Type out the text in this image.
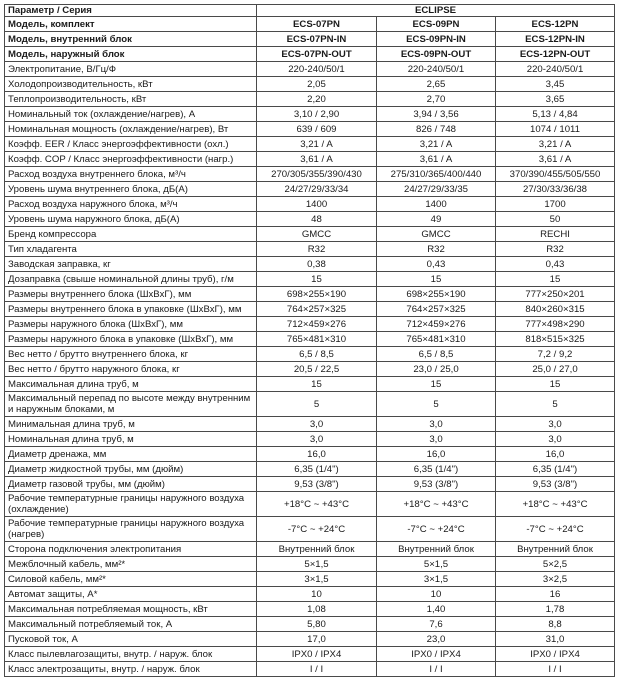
Параметр / Серия	ECLIPSE		
Модель, комплект	ECS-07PN	ECS-09PN	ECS-12PN
Модель, внутренний блок	ECS-07PN-IN	ECS-09PN-IN	ECS-12PN-IN
Модель, наружный блок	ECS-07PN-OUT	ECS-09PN-OUT	ECS-12PN-OUT
Электропитание, В/Гц/Ф	220-240/50/1	220-240/50/1	220-240/50/1
Холодопроизводительность, кВт	2,05	2,65	3,45
Теплопроизводительность, кВт	2,20	2,70	3,65
Номинальный ток (охлаждение/нагрев), А	3,10 / 2,90	3,94 / 3,56	5,13 / 4,84
Номинальная мощность (охлаждение/нагрев), Вт	639 / 609	826 / 748	1074 / 1011
Коэфф. EER / Класс энергоэффективности (охл.)	3,21 / A	3,21 / A	3,21 / A
Коэфф. COP / Класс энергоэффективности (нагр.)	3,61 / A	3,61 / A	3,61 / A
Расход воздуха внутреннего блока, м³/ч	270/305/355/390/430	275/310/365/400/440	370/390/455/505/550
Уровень шума внутреннего блока, дБ(А)	24/27/29/33/34	24/27/29/33/35	27/30/33/36/38
Расход воздуха наружного блока, м³/ч	1400	1400	1700
Уровень шума наружного блока, дБ(А)	48	49	50
Бренд компрессора	GMCC	GMCC	RECHI
Тип хладагента	R32	R32	R32
Заводская заправка, кг	0,38	0,43	0,43
Дозаправка (свыше номинальной длины труб), г/м	15	15	15
Размеры внутреннего блока (ШхВхГ), мм	698×255×190	698×255×190	777×250×201
Размеры внутреннего блока в упаковке (ШхВхГ), мм	764×257×325	764×257×325	840×260×315
Размеры наружного блока (ШхВхГ), мм	712×459×276	712×459×276	777×498×290
Размеры наружного блока в упаковке (ШхВхГ), мм	765×481×310	765×481×310	818×515×325
Вес нетто / брутто внутреннего блока, кг	6,5 / 8,5	6,5 / 8,5	7,2 / 9,2
Вес нетто / брутто наружного блока, кг	20,5 / 22,5	23,0 / 25,0	25,0 / 27,0
Максимальная длина труб, м	15	15	15
Максимальный перепад по высоте между внутренним и наружным блоками, м	5	5	5
Минимальная длина труб, м	3,0	3,0	3,0
Номинальная длина труб, м	3,0	3,0	3,0
Диаметр дренажа, мм	16,0	16,0	16,0
Диаметр жидкостной трубы, мм (дюйм)	6,35 (1/4")	6,35 (1/4")	6,35 (1/4")
Диаметр газовой трубы, мм (дюйм)	9,53 (3/8")	9,53 (3/8")	9,53 (3/8")
Рабочие температурные границы наружного воздуха (охлаждение)	+18°C ~ +43°C	+18°C ~ +43°C	+18°C ~ +43°C
Рабочие температурные границы наружного воздуха (нагрев)	-7°C ~ +24°C	-7°C ~ +24°C	-7°C ~ +24°C
Сторона подключения электропитания	Внутренний блок	Внутренний блок	Внутренний блок
Межблочный кабель, мм²*	5×1,5	5×1,5	5×2,5
Силовой кабель, мм²*	3×1,5	3×1,5	3×2,5
Автомат защиты, А*	10	10	16
Максимальная потребляемая мощность, кВт	1,08	1,40	1,78
Максимальный потребляемый ток, А	5,80	7,6	8,8
Пусковой ток, А	17,0	23,0	31,0
Класс пылевлагозащиты, внутр. / наруж. блок	IPX0 / IPX4	IPX0 / IPX4	IPX0 / IPX4
Класс электрозащиты, внутр. / наруж. блок	I / I	I / I	I / I
